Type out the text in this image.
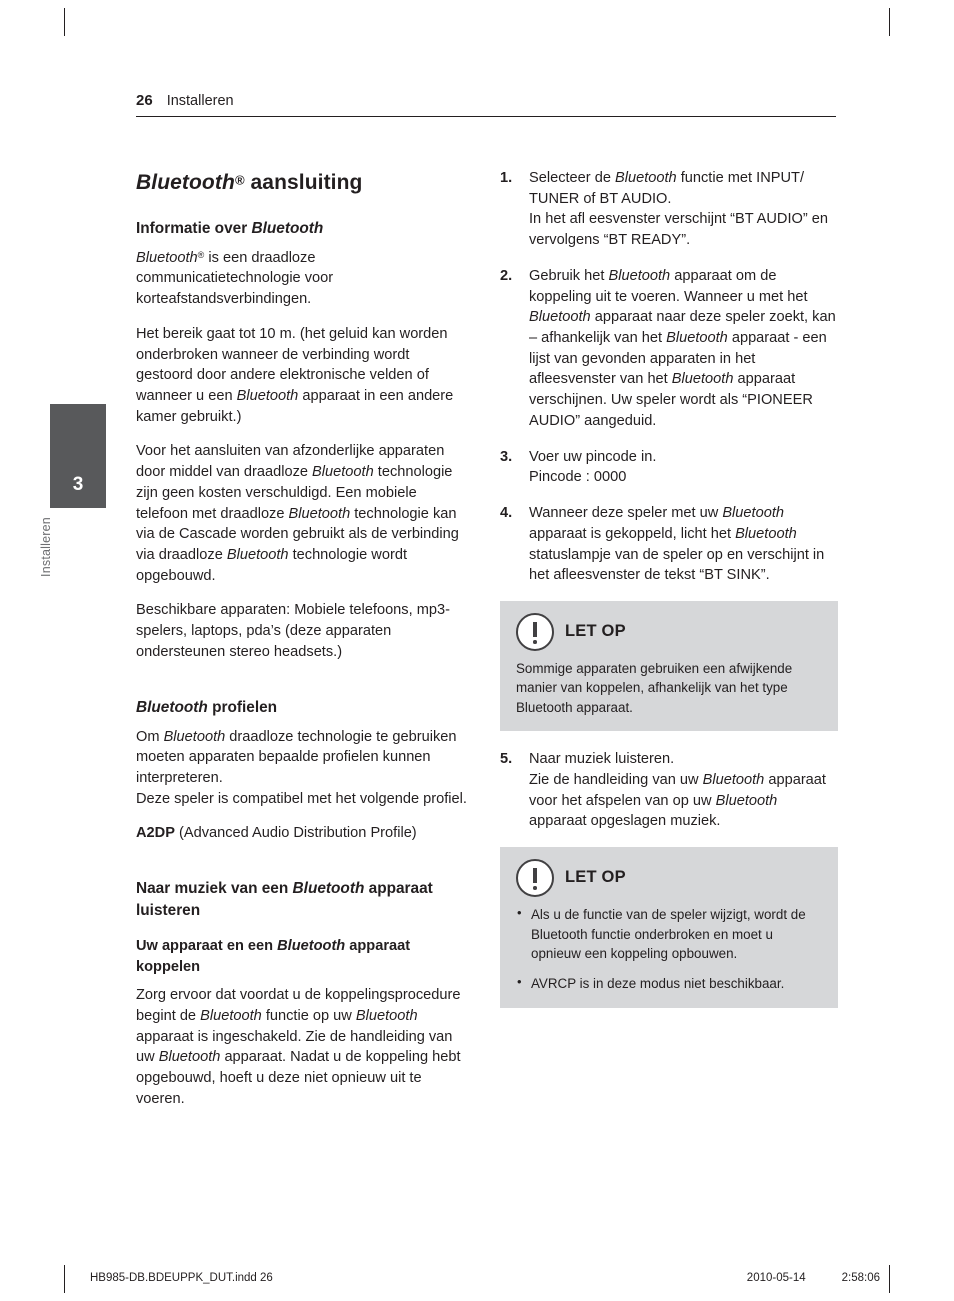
26 Installeren
3
Installeren
Bluetooth® aansluiting
Informatie over Bluetooth

Bluetooth® is een draadloze communicatietechnologie voor korteafstandsverbindingen.

Het bereik gaat tot 10 m. (het geluid kan worden onderbroken wanneer de verbinding wordt gestoord door andere elektronische velden of wanneer u een Bluetooth apparaat in een andere kamer gebruikt.)

Voor het aansluiten van afzonderlijke apparaten door middel van draadloze Bluetooth technologie zijn geen kosten verschuldigd. Een mobiele telefoon met draadloze Bluetooth technologie kan via de Cascade worden gebruikt als de verbinding via draadloze Bluetooth technologie wordt opgebouwd.

Beschikbare apparaten: Mobiele telefoons, mp3-spelers, laptops, pda’s (deze apparaten ondersteunen stereo headsets.)

Bluetooth profielen

Om Bluetooth draadloze technologie te gebruiken moeten apparaten bepaalde profielen kunnen interpreteren.
Deze speler is compatibel met het volgende profiel.

A2DP (Advanced Audio Distribution Profile)

Naar muziek van een Bluetooth apparaat luisteren
Uw apparaat en een Bluetooth apparaat koppelen

Zorg ervoor dat voordat u de koppelingsprocedure begint de Bluetooth functie op uw Bluetooth apparaat is ingeschakeld. Zie de handleiding van uw Bluetooth apparaat. Nadat u de koppeling hebt opgebouwd, hoeft u deze niet opnieuw uit te voeren.

1. Selecteer de Bluetooth functie met INPUT/ TUNER of BT AUDIO.
In het afl eesvenster verschijnt “BT AUDIO” en vervolgens “BT READY”.
2. Gebruik het Bluetooth apparaat om de koppeling uit te voeren. Wanneer u met het Bluetooth apparaat naar deze speler zoekt, kan – afhankelijk van het Bluetooth apparaat - een lijst van gevonden apparaten in het afleesvenster van het Bluetooth apparaat verschijnen. Uw speler wordt als “PIONEER AUDIO” aangeduid.
3. Voer uw pincode in.
Pincode : 0000
4. Wanneer deze speler met uw Bluetooth apparaat is gekoppeld, licht het Bluetooth statuslampje van de speler op en verschijnt in het afleesvenster de tekst “BT SINK”.
LET OP

Sommige apparaten gebruiken een afwijkende manier van koppelen, afhankelijk van het type Bluetooth apparaat.

5. Naar muziek luisteren.
Zie de handleiding van uw Bluetooth apparaat voor het afspelen van op uw Bluetooth apparaat opgeslagen muziek.
LET OP
• Als u de functie van de speler wijzigt, wordt de Bluetooth functie onderbroken en moet u opnieuw een koppeling opbouwen.
• AVRCP is in deze modus niet beschikbaar.
HB985-DB.BDEUPPK_DUT.indd 26	2010-05-14	2:58:06
